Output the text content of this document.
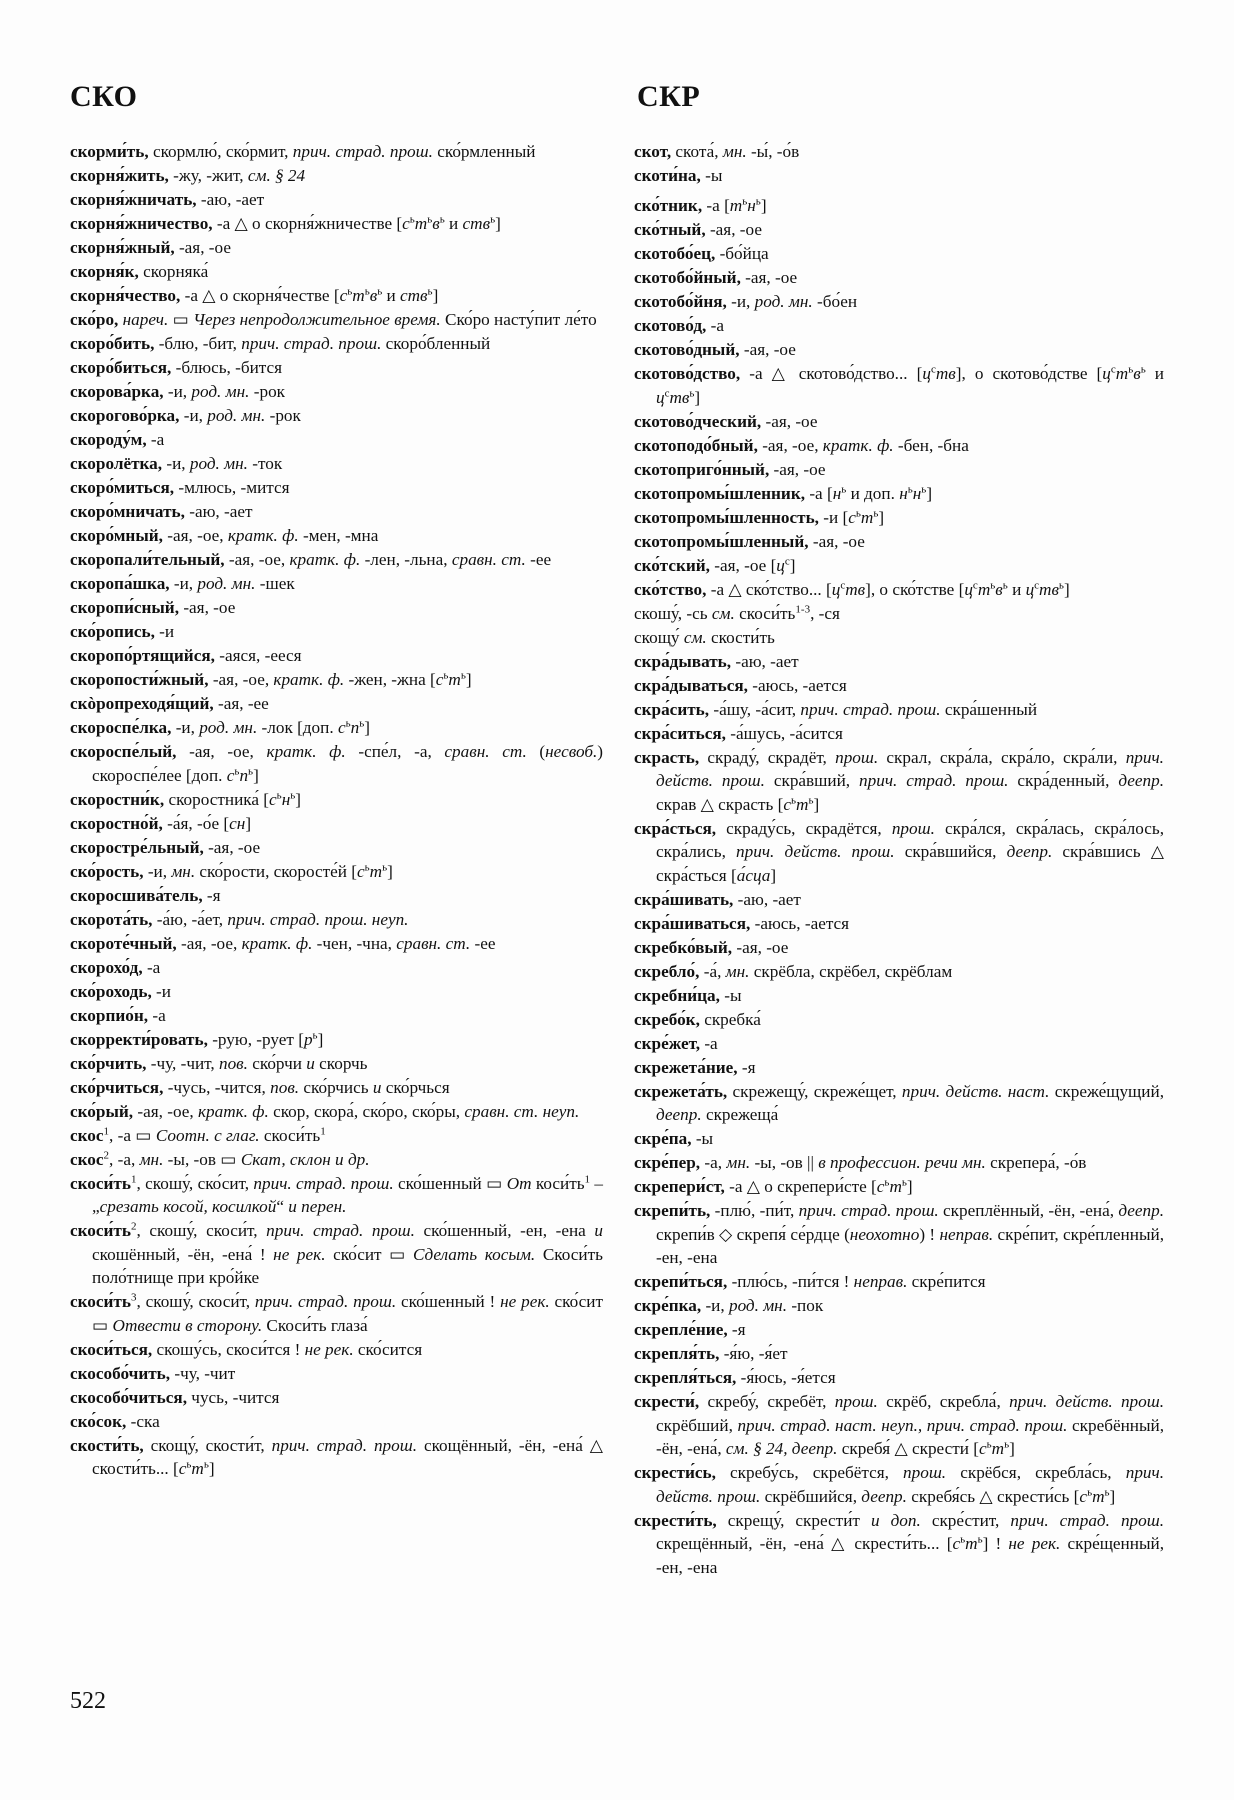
СКО	СКР
скорми́ть, скормлю́, ско́рмит, прич. страд. прош. ско́рмленный
скорня́жить, -жу, -жит, см. § 24
скорня́жничать, -аю, -ает
скорня́жничество, -а △ о скорня́жничестве [$с^ьт^ьв^ь$ и ств$^ь$]
скорня́жный, -ая, -ое
скорня́к, скорняка́
скорня́чество, -а △ о скорня́честве [$с^ьт^ьв^ь$ и ств$^ь$]
ско́ро, нареч. ▭ Через непродолжительное время. Ско́ро насту́пит ле́то
скоро́бить, -блю, -бит, прич. страд. прош. скоро́бленный
скоро́биться, -блюсь, -бится
скорова́рка, -и, род. мн. -рок
скорогово́рка, -и, род. мн. -рок
скороду́м, -а
скоролётка, -и, род. мн. -ток
скоро́миться, -млюсь, -мится
скоро́мничать, -аю, -ает
скоро́мный, -ая, -ое, кратк. ф. -мен, -мна
скоропали́тельный, -ая, -ое, кратк. ф. -лен, -льна, сравн. ст. -ее
скоропа́шка, -и, род. мн. -шек
скоропи́сный, -ая, -ое
ско́ропись, -и
скоропо́ртящийся, -аяся, -ееся
скоропости́жный, -ая, -ое, кратк. ф. -жен, -жна $[с^ьт^ь]$
скòропреходя́щий, -ая, -ее
скороспе́лка, -и, род. мн. -лок [доп. $с^ьп^ь$]
скороспе́лый, -ая, -ое, кратк. ф. -спе́л, -а, сравн. ст. (несвоб.) скороспе́лее [доп. $с^ьп^ь$]
скоростни́к, скоростника́ $[с^ьн^ь]$
скоростно́й, -а́я, -о́е [сн]
скоростре́льный, -ая, -ое
ско́рость, -и, мн. ско́рости, скоросте́й $[с^ьт^ь]$
скоросшива́тель, -я
скорота́ть, -а́ю, -а́ет, прич. страд. прош. неуп.
скороте́чный, -ая, -ое, кратк. ф. -чен, -чна, сравн. ст. -ее
скорохо́д, -а
ско́роходь, -и
скорпио́н, -а
скорректи́ровать, -рую, -рует $[р^ь]$
ско́рчить, -чу, -чит, пов. ско́рчи и скорчь
ско́рчиться, -чусь, -чится, пов. ско́рчись и ско́рчься
ско́рый, -ая, -ое, кратк. ф. скор, скора́, ско́ро, ско́ры, сравн. ст. неуп.
скос$^1$, -а ▭ Соотн. с глаг. $скоси́ть^1$
скос$^2$, -а, мн. -ы, -ов ▭ Скат, склон и др.
$скоси́ть^1$, скошу́, ско́сит, прич. страд. прош. ско́шенный ▭ От $коси́ть^1$ – „срезать косой, косилкой“ и перен.
$скоси́ть^2$, скошу́, скоси́т, прич. страд. прош. ско́шенный, -ен, -ена и скошённый, -ён, -ена́ ! не рек. ско́сит ▭ Сделать косым. Скоси́ть поло́тнище при кро́йке
$скоси́ть^3$, скошу́, скоси́т, прич. страд. прош. ско́шенный ! не рек. ско́сит ▭ Отвести в сторону. Скоси́ть глаза́
скоси́ться, скошу́сь, скоси́тся ! не рек. ско́сится
скособо́чить, -чу, -чит
скособо́читься, чусь, -чится
ско́сок, -ска
скости́ть, скощу́, скости́т, прич. страд. прош. скощённый, -ён, -ена́ △ скости́ть... $[с^ьт^ь]$
скот, скота́, мн. -ы́, -о́в
скоти́на, -ы
ско́тник, -а $[т^ьн^ь]$
ско́тный, -ая, -ое
скотобо́ец, -бо́йца
скотобо́йный, -ая, -ое
скотобо́йня, -и, род. мн. -бо́ен
скотово́д, -а
скотово́дный, -ая, -ое
скотово́дство, -а △ скотово́дство... $[ц^ств]$, о скотово́дстве [$ц^ст^ьв^ь$ и $ц^ств^ь$]
скотово́дческий, -ая, -ое
скотоподо́бный, -ая, -ое, кратк. ф. -бен, -бна
скотоприго́нный, -ая, -ое
скотопромы́шленник, -а [$н^ь$ и доп. $н^ьн^ь$]
скотопромы́шленность, -и $[с^ьт^ь]$
скотопромы́шленный, -ая, -ое
ско́тский, -ая, -ое $[ц^с]$
ско́тство, -а △ ско́тство... $[ц^ств]$, о ско́тстве [$ц^ст^ьв^ь$ и $ц^ств^ь$]
скошу́, -сь см. $скоси́ть^{1-3}$, -ся
скощу́ см. скости́ть
скра́дывать, -аю, -ает
скра́дываться, -аюсь, -ается
скра́сить, -а́шу, -а́сит, прич. страд. прош. скра́шенный
скра́ситься, -а́шусь, -а́сится
скрасть, скраду́, скрадёт, прош. скрал, скра́ла, скра́ло, скра́ли, прич. действ. прош. скра́вший, прич. страд. прош. скра́денный, деепр. скрав △ скрасть $[с^ьт^ь]$
скра́сться, скраду́сь, скрадётся, прош. скра́лся, скра́лась, скра́лось, скра́лись, прич. действ. прош. скра́вшийся, деепр. скра́вшись △ скра́сться [а́сца]
скра́шивать, -аю, -ает
скра́шиваться, -аюсь, -ается
скребко́вый, -ая, -ое
скребло́, -а́, мн. скрёбла, скрёбел, скрёблам
скребни́ца, -ы
скребо́к, скребка́
скре́жет, -а
скрежета́ние, -я
скрежета́ть, скрежещу́, скреже́щет, прич. действ. наст. скреже́щущий, деепр. скрежеща́
скре́па, -ы
скре́пер, -а, мн. -ы, -ов || в профессион. речи мн. скрепера́, -о́в
скрепери́ст, -а △ о скрепери́сте $[с^ьт^ь]$
скрепи́ть, -плю́, -пи́т, прич. страд. прош. скреплённый, -ён, -ена́, деепр. скрепи́в ◇ скрепя́ се́рдце (неохотно) ! неправ. скре́пит, скре́пленный, -ен, -ена
скрепи́ться, -плю́сь, -пи́тся ! неправ. скре́пится
скре́пка, -и, род. мн. -пок
скрепле́ние, -я
скрепля́ть, -я́ю, -я́ет
скрепля́ться, -я́юсь, -я́ется
скрести́, скребу́, скребёт, прош. скрёб, скребла́, прич. действ. прош. скрёбший, прич. страд. наст. неуп., прич. страд. прош. скребённый, -ён, -ена́, см. § 24, деепр. скребя́ △ скрести́ $[с^ьт^ь]$
скрести́сь, скребу́сь, скребётся, прош. скрёбся, скребла́сь, прич. действ. прош. скрёбшийся, деепр. скребя́сь △ скрести́сь $[с^ьт^ь]$
скрести́ть, скрещу́, скрести́т и доп. скре́стит, прич. страд. прош. скрещённый, -ён, -ена́ △ скрести́ть... $[с^ьт^ь]$ ! не рек. скре́щенный, -ен, -ена
522
